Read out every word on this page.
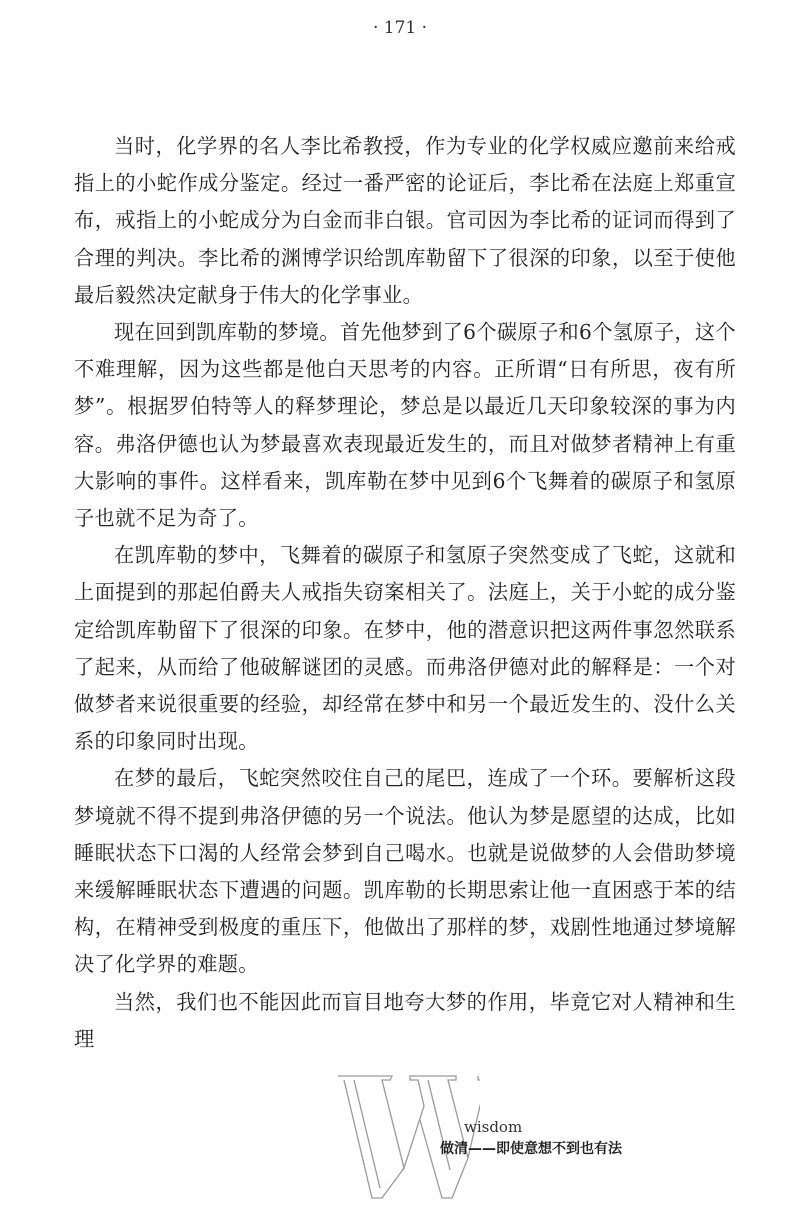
· 171 ·

当时，化学界的名人李比希教授，作为专业的化学权威应邀前来给戒指上的小蛇作成分鉴定。经过一番严密的论证后，李比希在法庭上郑重宣布，戒指上的小蛇成分为白金而非白银。官司因为李比希的证词而得到了合理的判决。李比希的渊博学识给凯库勒留下了很深的印象，以至于使他最后毅然决定献身于伟大的化学事业。

现在回到凯库勒的梦境。首先他梦到了6个碳原子和6个氢原子，这个不难理解，因为这些都是他白天思考的内容。正所谓“日有所思，夜有所梦”。根据罗伯特等人的释梦理论，梦总是以最近几天印象较深的事为内容。弗洛伊德也认为梦最喜欢表现最近发生的，而且对做梦者精神上有重大影响的事件。这样看来，凯库勒在梦中见到6个飞舞着的碳原子和氢原子也就不足为奇了。

在凯库勒的梦中，飞舞着的碳原子和氢原子突然变成了飞蛇，这就和上面提到的那起伯爵夫人戒指失窃案相关了。法庭上，关于小蛇的成分鉴定给凯库勒留下了很深的印象。在梦中，他的潜意识把这两件事忽然联系了起来，从而给了他破解谜团的灵感。而弗洛伊德对此的解释是：一个对做梦者来说很重要的经验，却经常在梦中和另一个最近发生的、没什么关系的印象同时出现。

在梦的最后，飞蛇突然咬住自己的尾巴，连成了一个环。要解析这段梦境就不得不提到弗洛伊德的另一个说法。他认为梦是愿望的达成，比如睡眠状态下口渴的人经常会梦到自己喝水。也就是说做梦的人会借助梦境来缓解睡眠状态下遭遇的问题。凯库勒的长期思索让他一直困惑于苯的结构，在精神受到极度的重压下，他做出了那样的梦，戏剧性地通过梦境解决了化学界的难题。

当然，我们也不能因此而盲目地夸大梦的作用，毕竟它对人精神和生理

wisdom
做清——即使意想不到也有法
